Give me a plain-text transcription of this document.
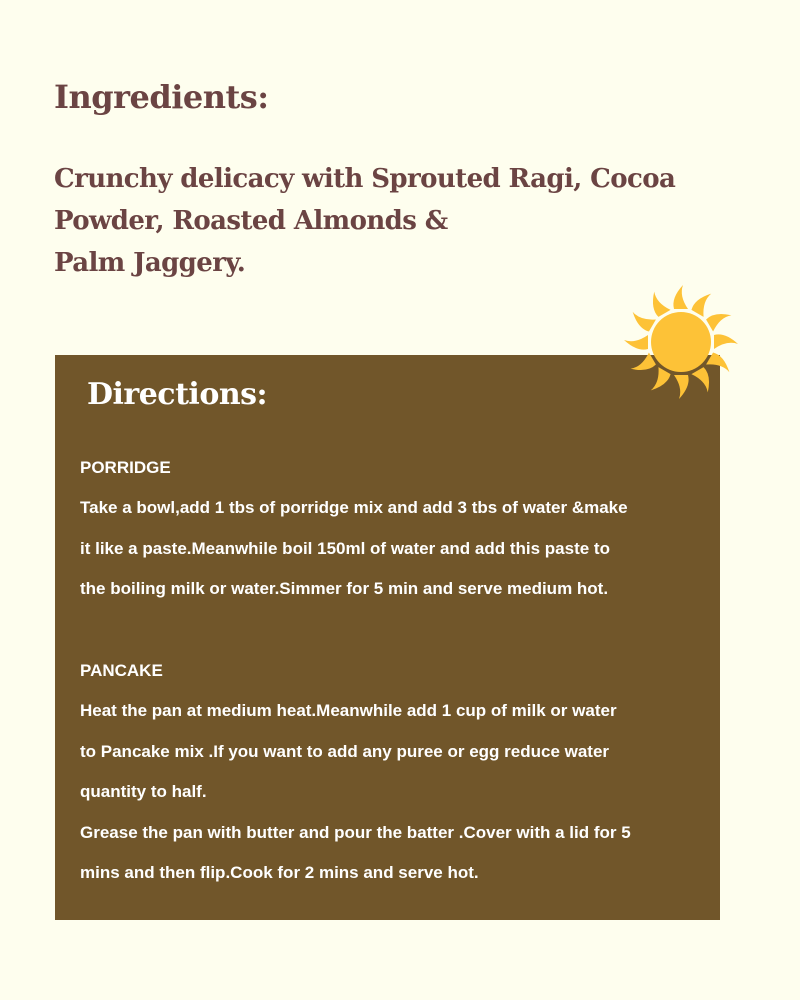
Ingredients:

Crunchy delicacy with Sprouted Ragi, Cocoa
Powder, Roasted Almonds &
Palm Jaggery.

Directions:

PORRIDGE

Take a bowl,add 1 tbs of porridge mix and add 3 tbs of water &make
it like a paste.Meanwhile boil 150ml of water and add this paste to
the boiling milk or water.Simmer for 5 min and serve medium hot.

PANCAKE

Heat the pan at medium heat.Meanwhile add 1 cup of milk or water
to Pancake mix .If you want to add any puree or egg reduce water
quantity to half.
Grease the pan with butter and pour the batter .Cover with a lid for 5
mins and then flip.Cook for 2 mins and serve hot.
